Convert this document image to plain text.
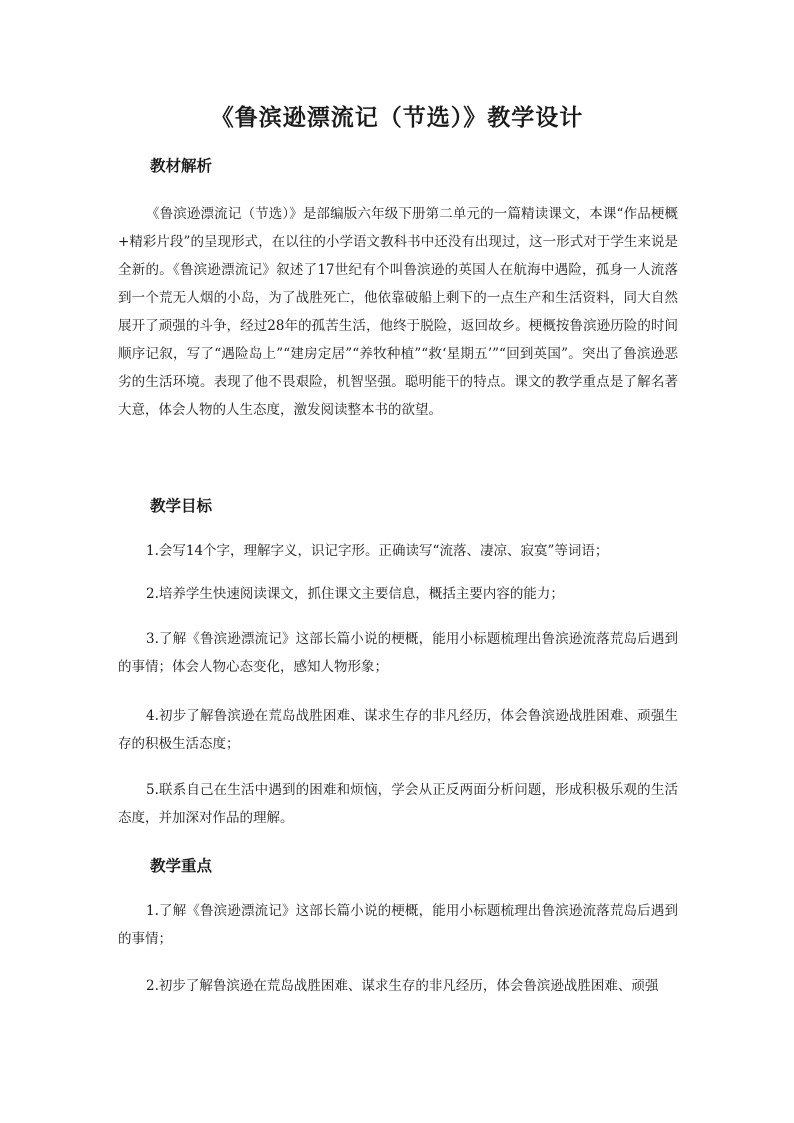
《鲁滨逊漂流记（节选）》教学设计
教材解析

《鲁滨逊漂流记（节选）》是部编版六年级下册第二单元的一篇精读课文，本课“作品梗概+精彩片段”的呈现形式，在以往的小学语文教科书中还没有出现过，这一形式对于学生来说是全新的。《鲁滨逊漂流记》叙述了17世纪有个叫鲁滨逊的英国人在航海中遇险，孤身一人流落到一个荒无人烟的小岛，为了战胜死亡，他依靠破船上剩下的一点生产和生活资料，同大自然展开了顽强的斗争，经过28年的孤苦生活，他终于脱险，返回故乡。梗概按鲁滨逊历险的时间顺序记叙，写了“遇险岛上”“建房定居”“养牧种植”“救‘星期五’”“回到英国”。突出了鲁滨逊恶劣的生活环境。表现了他不畏艰险，机智坚强。聪明能干的特点。课文的教学重点是了解名著大意，体会人物的人生态度，激发阅读整本书的欲望。

教学目标

1.会写14个字，理解字义，识记字形。正确读写“流落、凄凉、寂寞”等词语；

2.培养学生快速阅读课文，抓住课文主要信息，概括主要内容的能力；

3.了解《鲁滨逊漂流记》这部长篇小说的梗概，能用小标题梳理出鲁滨逊流落荒岛后遇到的事情；体会人物心态变化，感知人物形象；

4.初步了解鲁滨逊在荒岛战胜困难、谋求生存的非凡经历，体会鲁滨逊战胜困难、顽强生存的积极生活态度；

5.联系自己在生活中遇到的困难和烦恼，学会从正反两面分析问题，形成积极乐观的生活态度，并加深对作品的理解。

教学重点

1.了解《鲁滨逊漂流记》这部长篇小说的梗概，能用小标题梳理出鲁滨逊流落荒岛后遇到的事情；

2.初步了解鲁滨逊在荒岛战胜困难、谋求生存的非凡经历，体会鲁滨逊战胜困难、顽强
